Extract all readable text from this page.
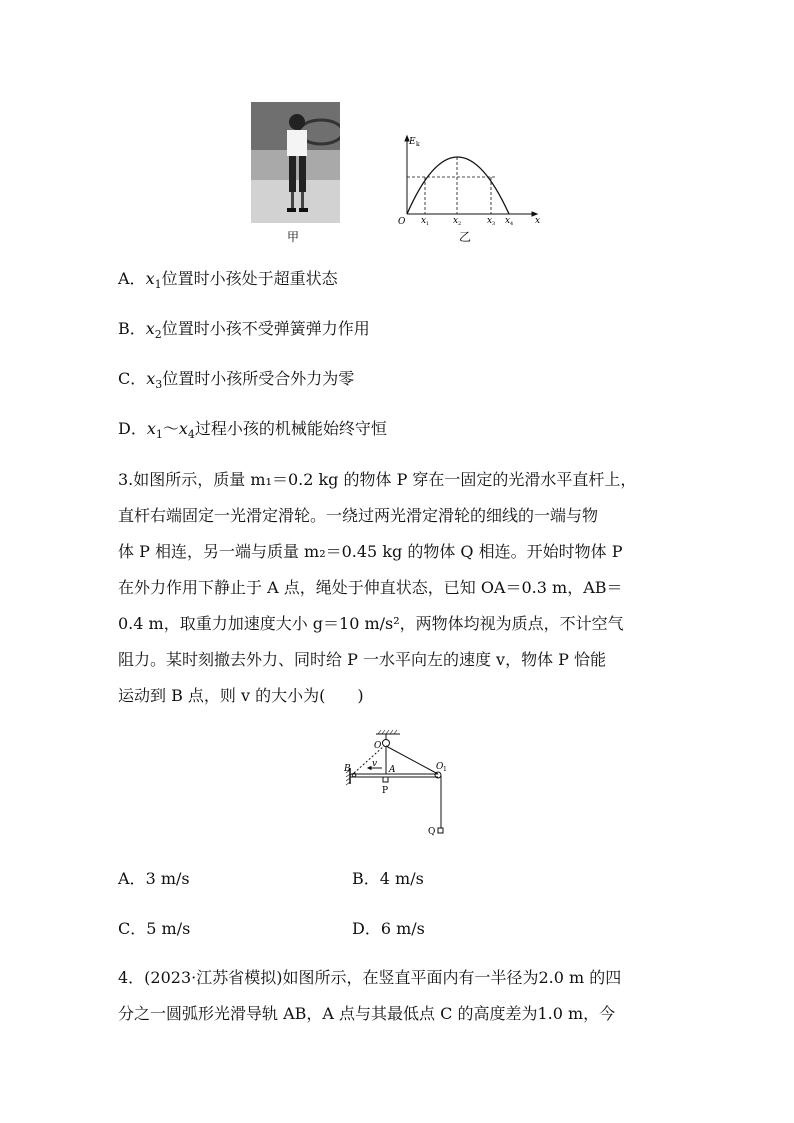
甲
E k
O x 1	x 2	x 3 x 4 x
乙
A．$x_1$位置时小孩处于超重状态
B．$x_2$位置时小孩不受弹簧弹力作用
C．$x_3$位置时小孩所受合外力为零
D．$x_1\sim x_4$过程小孩的机械能始终守恒
3.如图所示，质量 m₁＝0.2 kg 的物体 P 穿在一固定的光滑水平直杆上，
直杆右端固定一光滑定滑轮。一绕过两光滑定滑轮的细线的一端与物
体 P 相连，另一端与质量 m₂＝0.45 kg 的物体 Q 相连。开始时物体 P
在外力作用下静止于 A 点，绳处于伸直状态，已知 OA＝0.3 m，AB＝
0.4 m，取重力加速度大小 g＝10 m/s²，两物体均视为质点，不计空气
阻力。某时刻撤去外力、同时给 P 一水平向左的速度 v，物体 P 恰能
运动到 B 点，则 v 的大小为(　　)
O
B v
A	O 1
P
Q
A．3 m/s	B．4 m/s
C．5 m/s	D．6 m/s
4．(2023·江苏省模拟)如图所示，在竖直平面内有一半径为2.0 m 的四
分之一圆弧形光滑导轨 AB，A 点与其最低点 C 的高度差为1.0 m，今
